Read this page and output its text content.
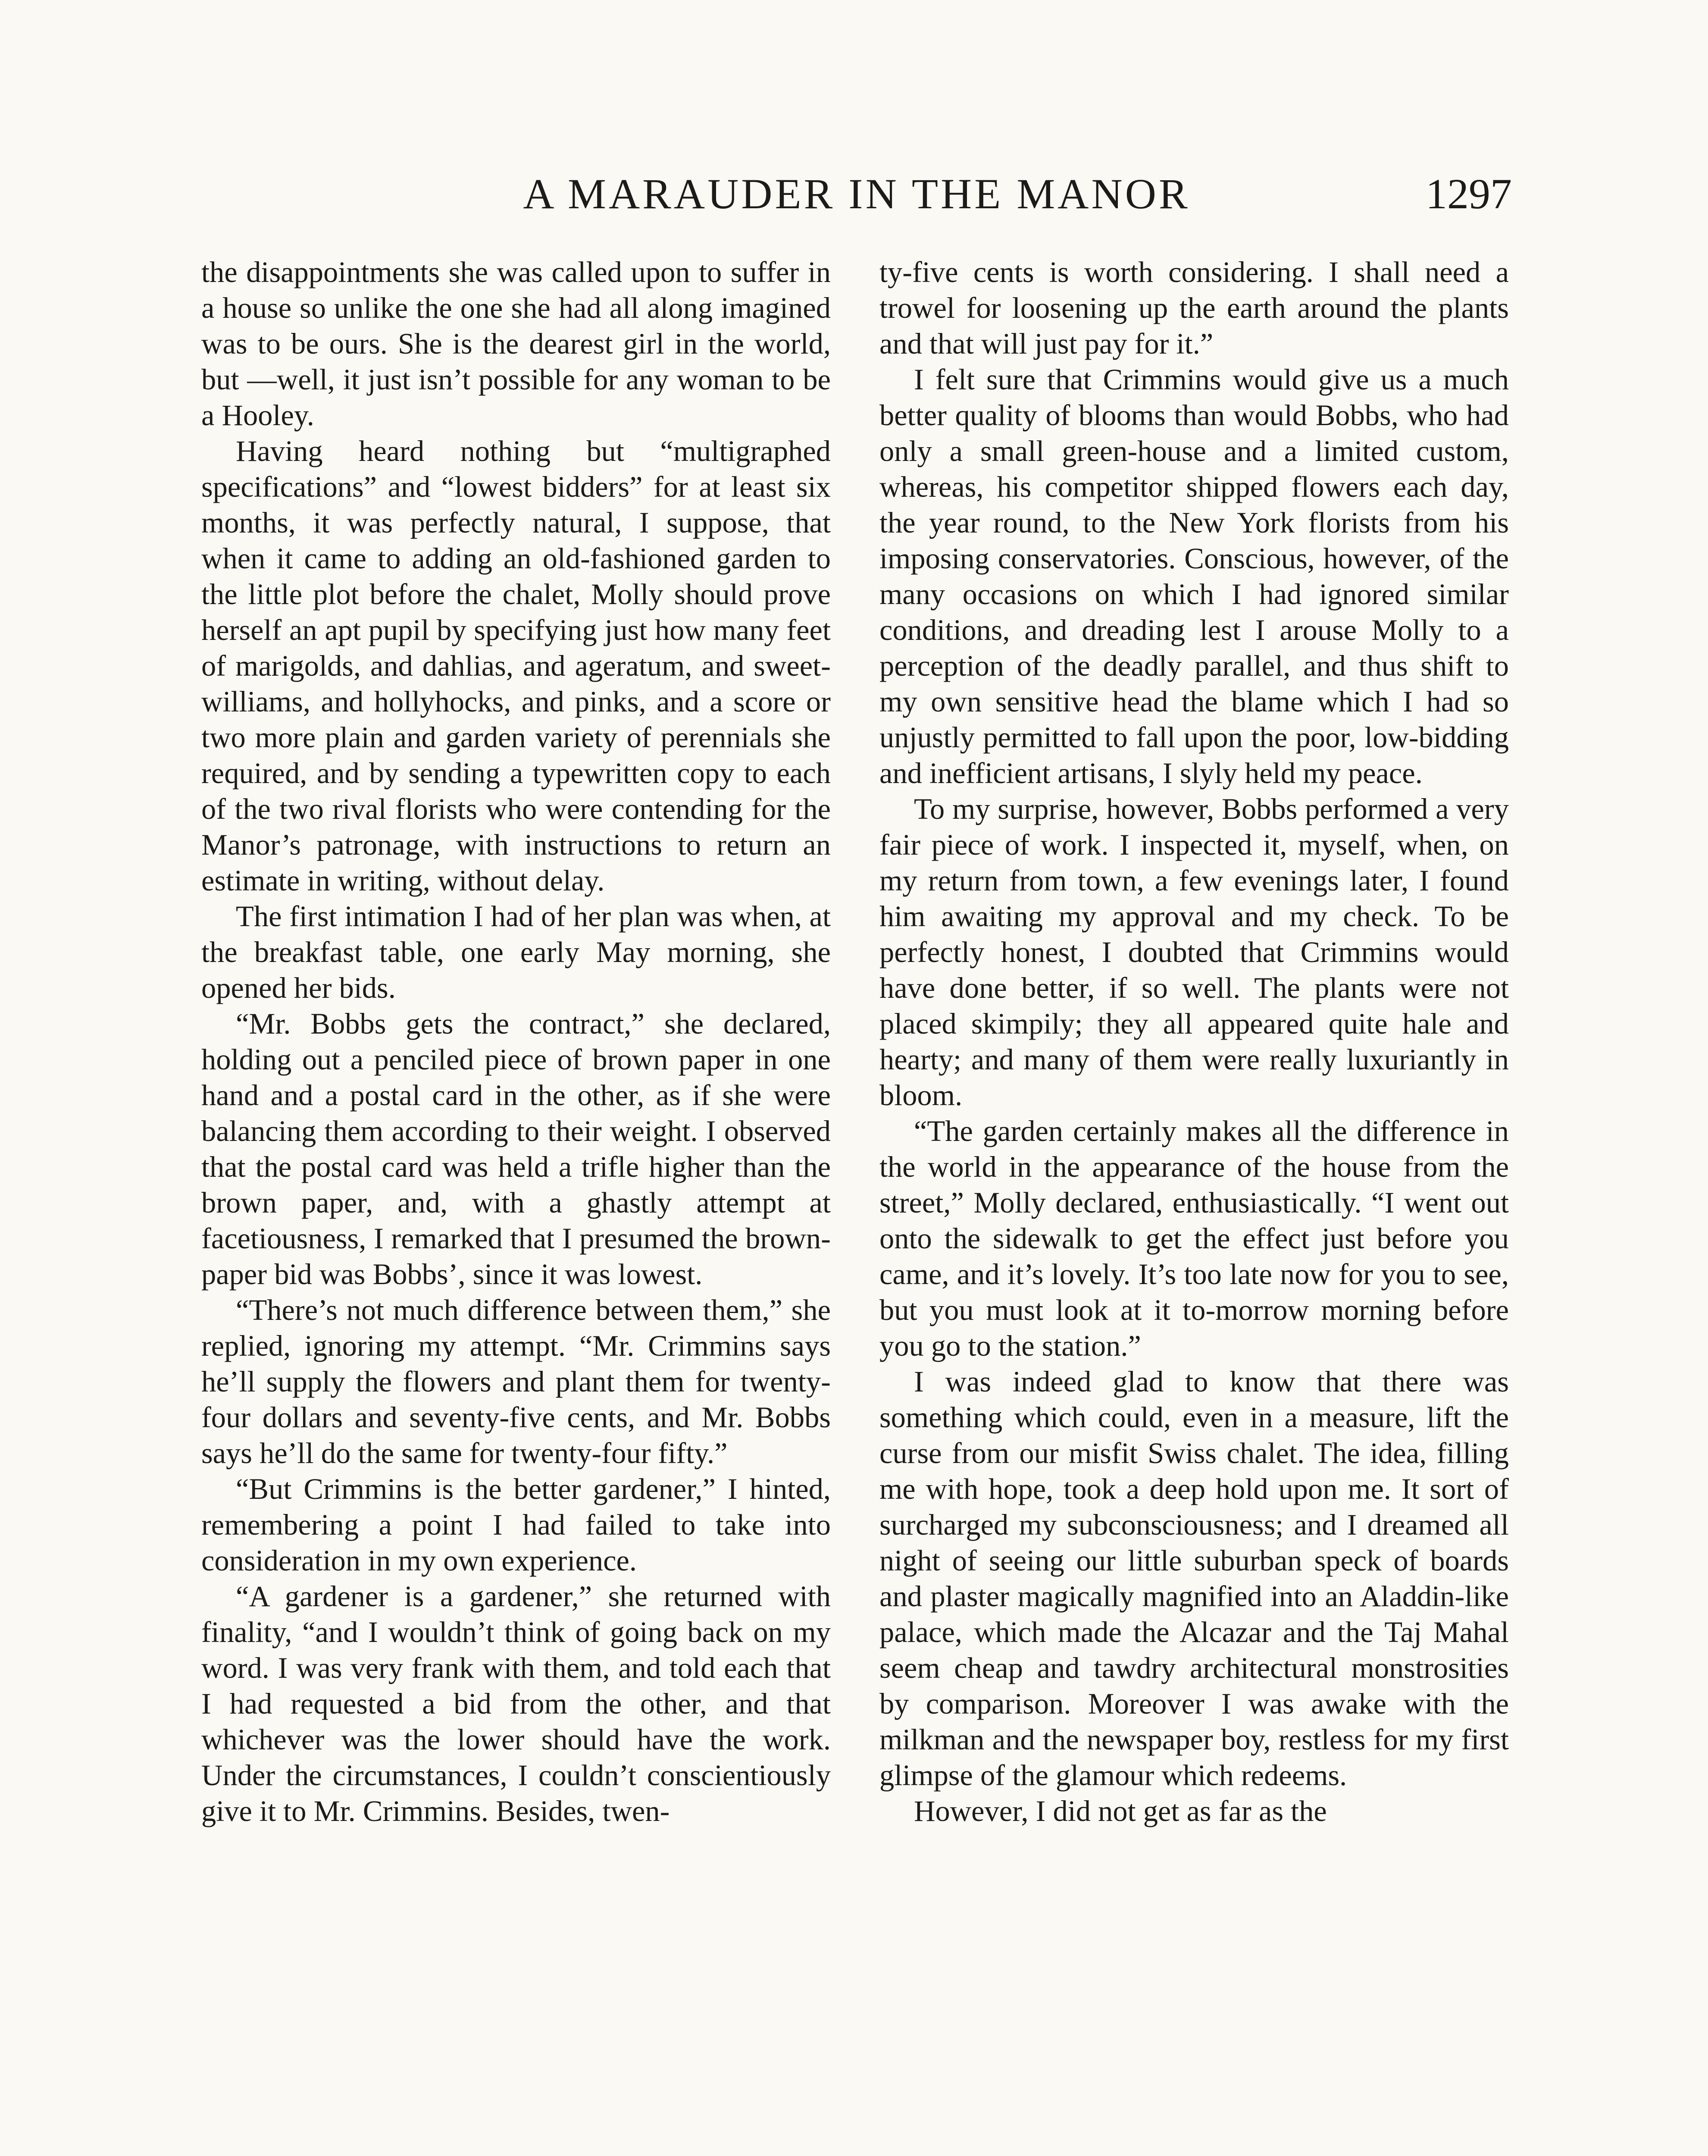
A MARAUDER IN THE MANOR	1297

the disappointments she was called upon to suffer in a house so unlike the one she had all along imagined was to be ours. She is the dearest girl in the world, but —well, it just isn’t possible for any woman to be a Hooley.

Having heard nothing but “multigraphed specifications” and “lowest bidders” for at least six months, it was perfectly natural, I suppose, that when it came to adding an old-fashioned garden to the little plot before the chalet, Molly should prove herself an apt pupil by specifying just how many feet of marigolds, and dahlias, and ageratum, and sweet-williams, and hollyhocks, and pinks, and a score or two more plain and garden variety of perennials she required, and by sending a typewritten copy to each of the two rival florists who were contending for the Manor’s patronage, with instructions to return an estimate in writing, without delay.

The first intimation I had of her plan was when, at the breakfast table, one early May morning, she opened her bids.

“Mr. Bobbs gets the contract,” she declared, holding out a penciled piece of brown paper in one hand and a postal card in the other, as if she were balancing them according to their weight. I observed that the postal card was held a trifle higher than the brown paper, and, with a ghastly attempt at facetiousness, I remarked that I presumed the brown-paper bid was Bobbs’, since it was lowest.

“There’s not much difference between them,” she replied, ignoring my attempt. “Mr. Crimmins says he’ll supply the flowers and plant them for twenty-four dollars and seventy-five cents, and Mr. Bobbs says he’ll do the same for twenty-four fifty.”

“But Crimmins is the better gardener,” I hinted, remembering a point I had failed to take into consideration in my own experience.

“A gardener is a gardener,” she returned with finality, “and I wouldn’t think of going back on my word. I was very frank with them, and told each that I had requested a bid from the other, and that whichever was the lower should have the work. Under the circumstances, I couldn’t conscientiously give it to Mr. Crimmins. Besides, twen-

ty-five cents is worth considering. I shall need a trowel for loosening up the earth around the plants and that will just pay for it.”

I felt sure that Crimmins would give us a much better quality of blooms than would Bobbs, who had only a small green-house and a limited custom, whereas, his competitor shipped flowers each day, the year round, to the New York florists from his imposing conservatories. Conscious, however, of the many occasions on which I had ignored similar conditions, and dreading lest I arouse Molly to a perception of the deadly parallel, and thus shift to my own sensitive head the blame which I had so unjustly permitted to fall upon the poor, low-bidding and inefficient artisans, I slyly held my peace.

To my surprise, however, Bobbs performed a very fair piece of work. I inspected it, myself, when, on my return from town, a few evenings later, I found him awaiting my approval and my check. To be perfectly honest, I doubted that Crimmins would have done better, if so well. The plants were not placed skimpily; they all appeared quite hale and hearty; and many of them were really luxuriantly in bloom.

“The garden certainly makes all the difference in the world in the appearance of the house from the street,” Molly declared, enthusiastically. “I went out onto the sidewalk to get the effect just before you came, and it’s lovely. It’s too late now for you to see, but you must look at it to-morrow morning before you go to the station.”

I was indeed glad to know that there was something which could, even in a measure, lift the curse from our misfit Swiss chalet. The idea, filling me with hope, took a deep hold upon me. It sort of surcharged my subconsciousness; and I dreamed all night of seeing our little suburban speck of boards and plaster magically magnified into an Aladdin-like palace, which made the Alcazar and the Taj Mahal seem cheap and tawdry architectural monstrosities by comparison. Moreover I was awake with the milkman and the newspaper boy, restless for my first glimpse of the glamour which redeems.

However, I did not get as far as the
